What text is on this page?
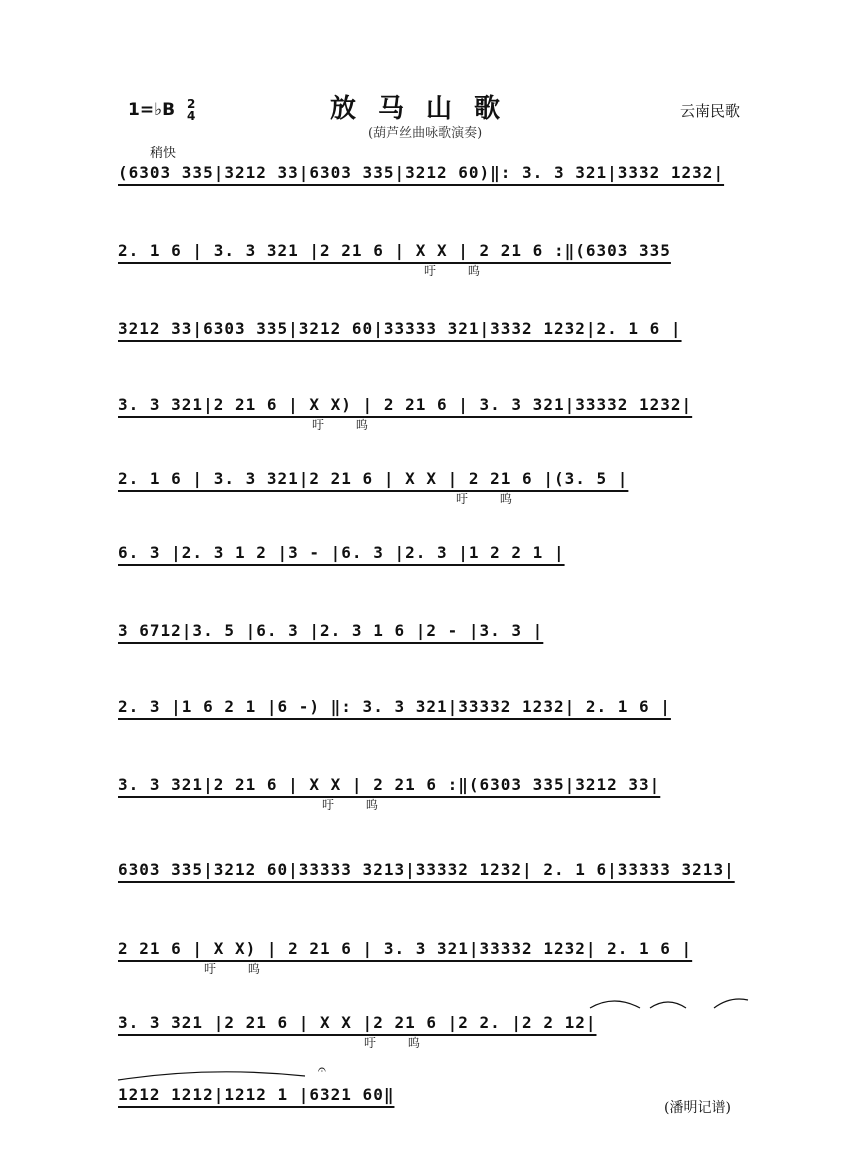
1=♭B 2
4	放马山歌
(葫芦丝曲咏歌演奏)
云南民歌
稍快
(6303 335|3212 33|6303 335|3212 60)‖: 3. 3 321|3332 1232|
2. 1 6 | 3. 3 321 |2 21 6 | X X | 2 21 6 :‖(6303 335
3212 33|6303 335|3212 60|33333 321|3332 1232|2. 1 6 |
3. 3 321|2 21 6 | X X) | 2 21 6 | 3. 3 321|33332 1232|
2. 1 6 | 3. 3 321|2 21 6 | X X | 2 21 6 |(3. 5 |
6. 3 |2. 3 1 2 |3 - |6. 3 |2. 3 |1 2 2 1 |
3 6712|3. 5 |6. 3 |2. 3 1 6 |2 - |3. 3 |
2. 3 |1 6 2 1 |6 -) ‖: 3. 3 321|33332 1232| 2. 1 6 |
3. 3 321|2 21 6 | X X | 2 21 6 :‖(6303 335|3212 33|
6303 335|3212 60|33333 3213|33332 1232| 2. 1 6|33333 3213|
2 21 6 | X X) | 2 21 6 | 3. 3 321|33332 1232| 2. 1 6 |
3. 3 321 |2 21 6 | X X |2 21 6 |2 2. |2 2 12|
1212 1212|1212 1 |6321 60‖
吁 呜
吁 呜
吁 呜
吁 呜
吁 呜
吁 呜
𝄐
(潘明记谱)
